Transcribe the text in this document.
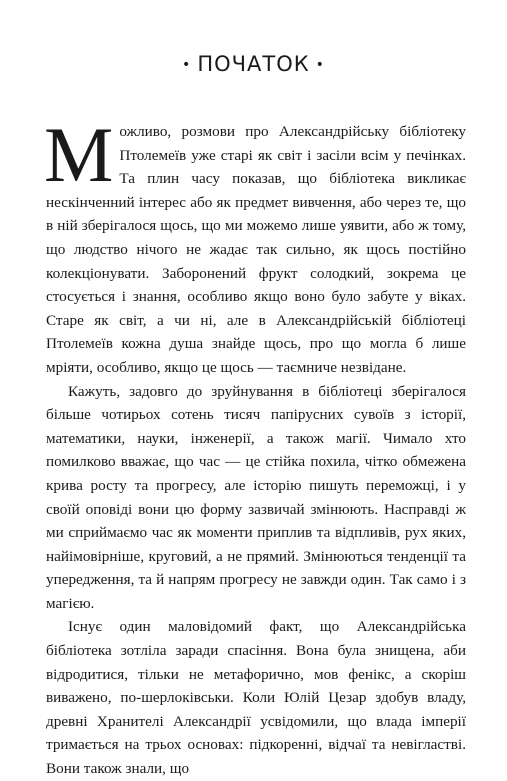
• ПОЧАТОК •

Можливо, розмови про Александрійську бібліотеку Птолемеїв уже старі як світ і засіли всім у печінках. Та плин часу показав, що бібліотека викликає нескінченний інтерес або як предмет вивчення, або через те, що в ній зберігалося щось, що ми можемо лише уявити, або ж тому, що людство нічого не жадає так сильно, як щось постійно колекціонувати. Заборонений фрукт солодкий, зокрема це стосується і знання, особливо якщо воно було забуте у віках. Старе як світ, а чи ні, але в Александрійській бібліотеці Птолемеїв кожна душа знайде щось, про що могла б лише мріяти, особливо, якщо це щось — таємниче незвідане.

Кажуть, задовго до зруйнування в бібліотеці зберігалося більше чотирьох сотень тисяч папірусних сувоїв з історії, математики, науки, інженерії, а також магії. Чимало хто помилково вважає, що час — це стійка похила, чітко обмежена крива росту та прогресу, але історію пишуть переможці, і у своїй оповіді вони цю форму зазвичай змінюють. Насправді ж ми сприймаємо час як моменти приплив та відпливів, рух яких, найімовірніше, круговий, а не прямий. Змінюються тенденції та упередження, та й напрям прогресу не завжди один. Так само і з магією.

Існує один маловідомий факт, що Александрійська бібліотека зотліла заради спасіння. Вона була знищена, аби відродитися, тільки не метафорично, мов фенікс, а скоріш виважено, по-шерлоківськи. Коли Юлій Цезар здобув владу, древні Хранителі Александрії усвідомили, що влада імперії тримається на трьох основах: підкоренні, відчаї та невігластві. Вони також знали, що
